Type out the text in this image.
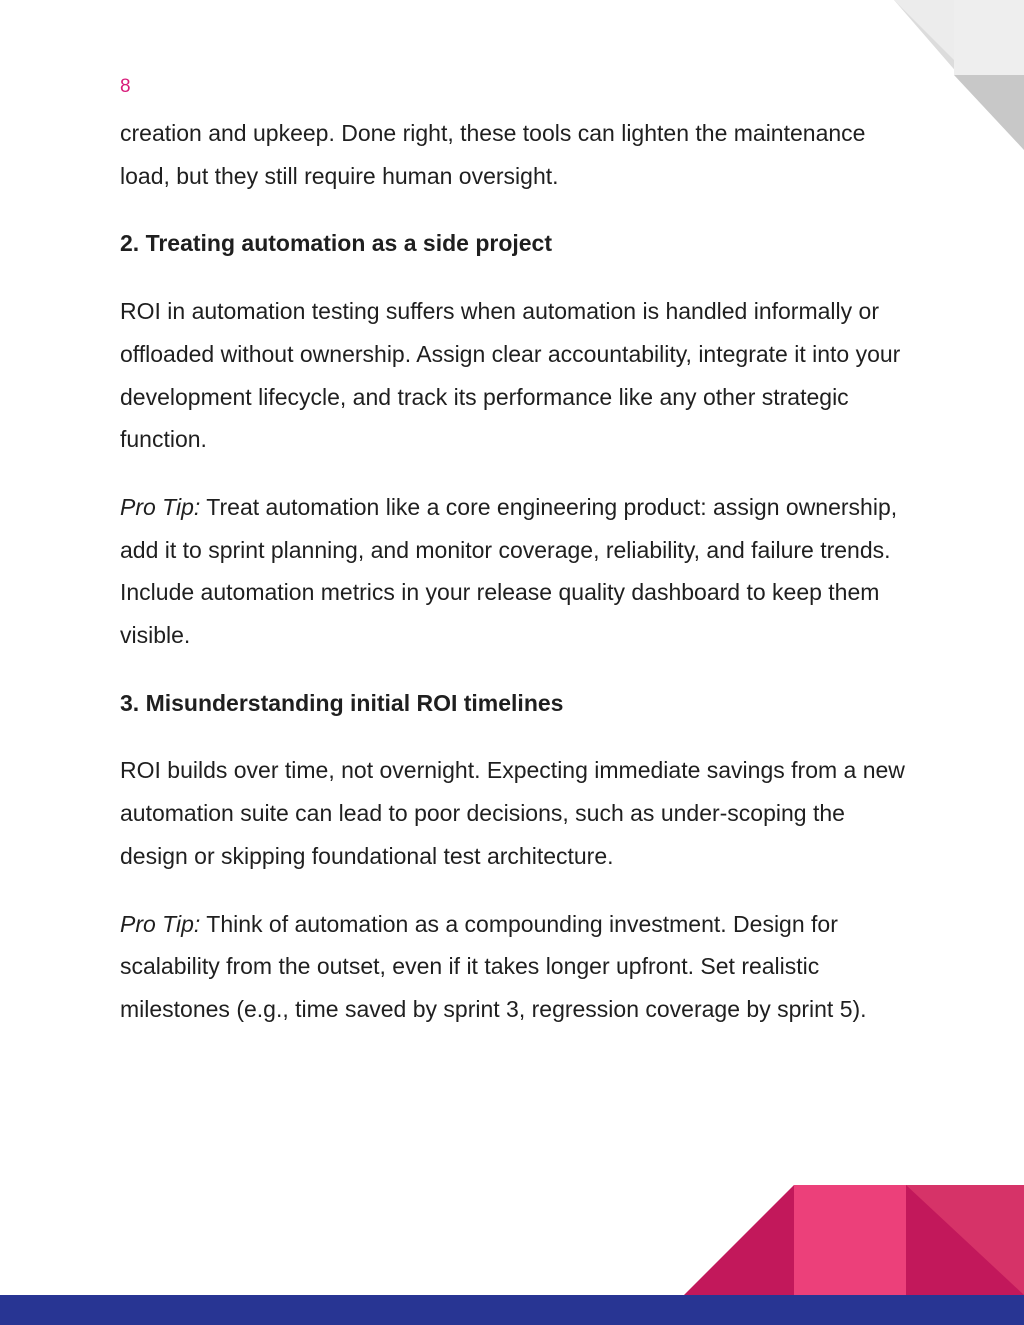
8

creation and upkeep. Done right, these tools can lighten the maintenance load, but they still require human oversight.

2. Treating automation as a side project

ROI in automation testing suffers when automation is handled informally or offloaded without ownership. Assign clear accountability, integrate it into your development lifecycle, and track its performance like any other strategic function.

Pro Tip: Treat automation like a core engineering product: assign ownership, add it to sprint planning, and monitor coverage, reliability, and failure trends. Include automation metrics in your release quality dashboard to keep them visible.

3. Misunderstanding initial ROI timelines

ROI builds over time, not overnight. Expecting immediate savings from a new automation suite can lead to poor decisions, such as under-scoping the design or skipping foundational test architecture.

Pro Tip: Think of automation as a compounding investment. Design for scalability from the outset, even if it takes longer upfront. Set realistic milestones (e.g., time saved by sprint 3, regression coverage by sprint 5).
